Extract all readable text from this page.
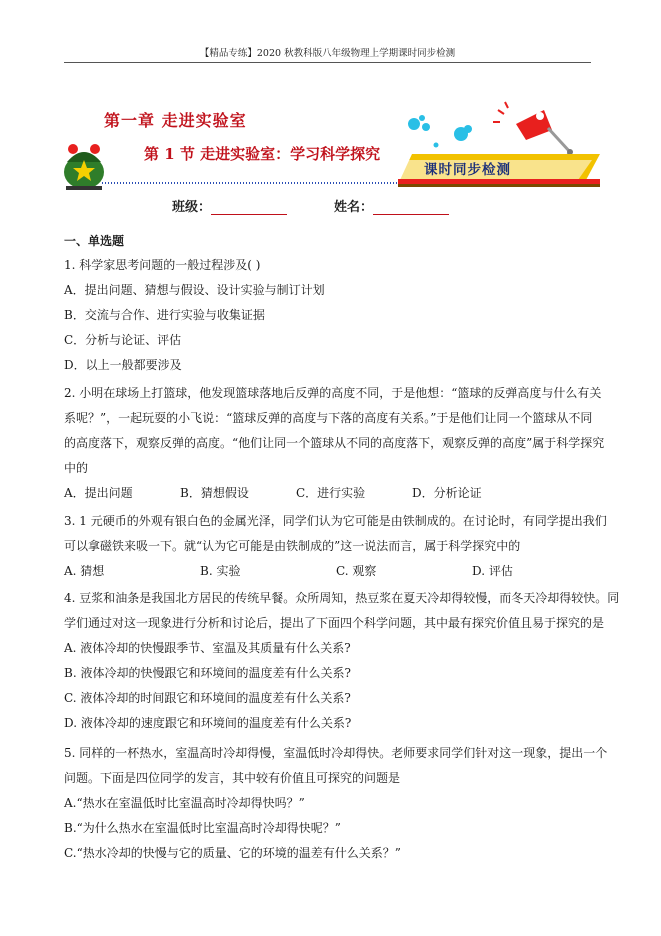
【精品专练】2020 秋教科版八年级物理上学期课时同步检测
第一章 走进实验室
第 1 节 走进实验室：学习科学探究
课时同步检测
班级：	姓名：
一、单选题
1. 科学家思考问题的一般过程涉及( )
A．提出问题、猜想与假设、设计实验与制订计划
B．交流与合作、进行实验与收集证据
C．分析与论证、评估
D．以上一般都要涉及
2. 小明在球场上打篮球，他发现篮球落地后反弹的高度不同，于是他想：“篮球的反弹高度与什么有关
系呢？”，一起玩耍的小飞说：“篮球反弹的高度与下落的高度有关系。”于是他们让同一个篮球从不同
的高度落下，观察反弹的高度。“他们让同一个篮球从不同的高度落下，观察反弹的高度”属于科学探究
中的
A．提出问题	B．猜想假设	C．进行实验	D．分析论证
3. 1 元硬币的外观有银白色的金属光泽，同学们认为它可能是由铁制成的。在讨论时，有同学提出我们
可以拿磁铁来吸一下。就“认为它可能是由铁制成的”这一说法而言，属于科学探究中的
A. 猜想	B. 实验	C. 观察	D. 评估
4. 豆浆和油条是我国北方居民的传统早餐。众所周知，热豆浆在夏天冷却得较慢，而冬天冷却得较快。同
学们通过对这一现象进行分析和讨论后，提出了下面四个科学问题，其中最有探究价值且易于探究的是
A. 液体冷却的快慢跟季节、室温及其质量有什么关系?
B. 液体冷却的快慢跟它和环境间的温度差有什么关系?
C. 液体冷却的时间跟它和环境间的温度差有什么关系?
D. 液体冷却的速度跟它和环境间的温度差有什么关系?
5. 同样的一杯热水，室温高时冷却得慢，室温低时冷却得快。老师要求同学们针对这一现象，提出一个
问题。下面是四位同学的发言，其中较有价值且可探究的问题是
A.“热水在室温低时比室温高时冷却得快吗？”
B.“为什么热水在室温低时比室温高时冷却得快呢？”
C.“热水冷却的快慢与它的质量、它的环境的温差有什么关系？”
